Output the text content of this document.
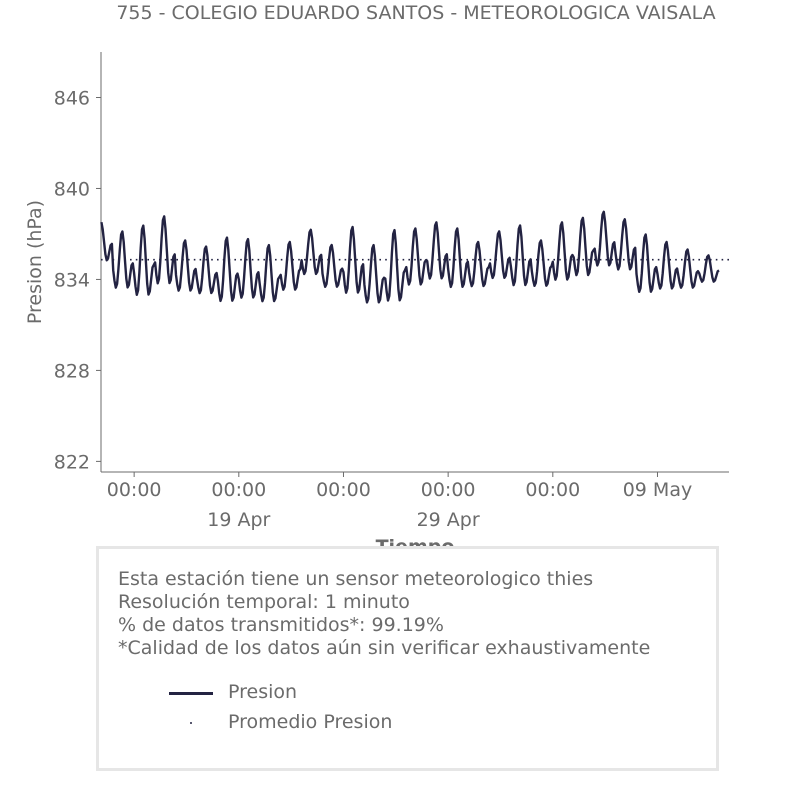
755 - COLEGIO EDUARDO SANTOS - METEOROLOGICA VAISALA
822
828
834
840
846
00:00	00:00
19 Apr
00:00	00:00
29 Apr
00:00 09 May
Presion (hPa)
Esta estación tiene un sensor meteorologico thies
Resolución temporal: 1 minuto
% de datos transmitidos*: 99.19%
*Calidad de los datos aún sin verificar exhaustivamente
Presion
Promedio Presion
